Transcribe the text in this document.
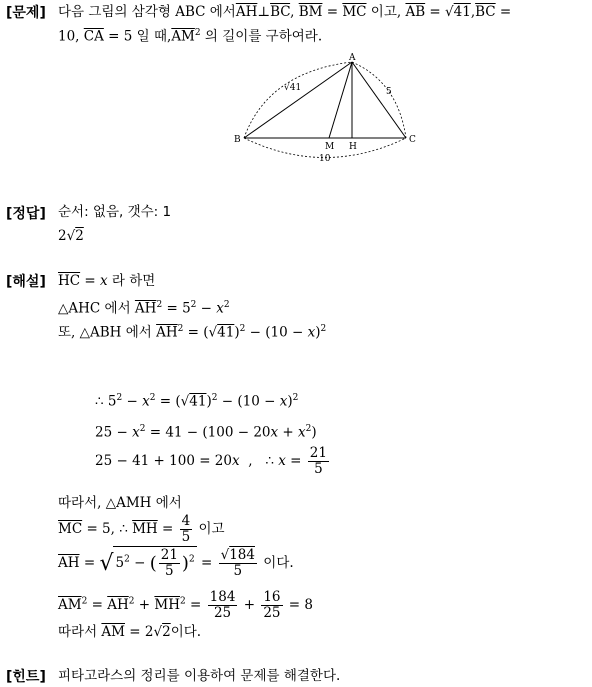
[문제] 다음 그림의 삼각형 ABC 에서$\overline{AH}\perp\overline{BC}$, $\overline{BM} = \overline{MC}$ 이고, $\overline{AB} = √41,\overline{BC}$ =
10, $\overline{CA} = 5$ 일 때$,\overline{AM}^2$ 의 길이를 구하여라.
A
B	C
M H
√41	5
10
[정답] 순서: 없음, 갯수: 1
2√2
[해설] $\overline{HC} = x$ 라 하면
△AHC 에서 $\overline{AH}^2 = 5^2 - x^2$
또, △ABH 에서 $\overline{AH}^2 = (√41)^2 - (10 - x)^2$
∴ $5^2 - x^2 = (√41)^2 - (10 - x)^2$
$25 - x^2 = 41 - (100 - 20x + x^2)$
25 − 41 + 100 = 20x  ,   ∴ $x = \frac{21}{5}$
따라서, △AMH 에서
$\overline{MC} = 5$, ∴ $\overline{MH} = \frac{4}{5}$ 이고
$\overline{AH}$ = √ $5^2$ − ( $\frac{21}{5} )^2 = \frac{√184}{5}$ 이다.
$\overline{AM}^2 = \overline{AH}^2 + \overline{MH}^2 = \frac{184}{25} + \frac{16}{25} = 8$
따라서 $\overline{AM} = 2√2$이다.
[힌트] 피타고라스의 정리를 이용하여 문제를 해결한다.
